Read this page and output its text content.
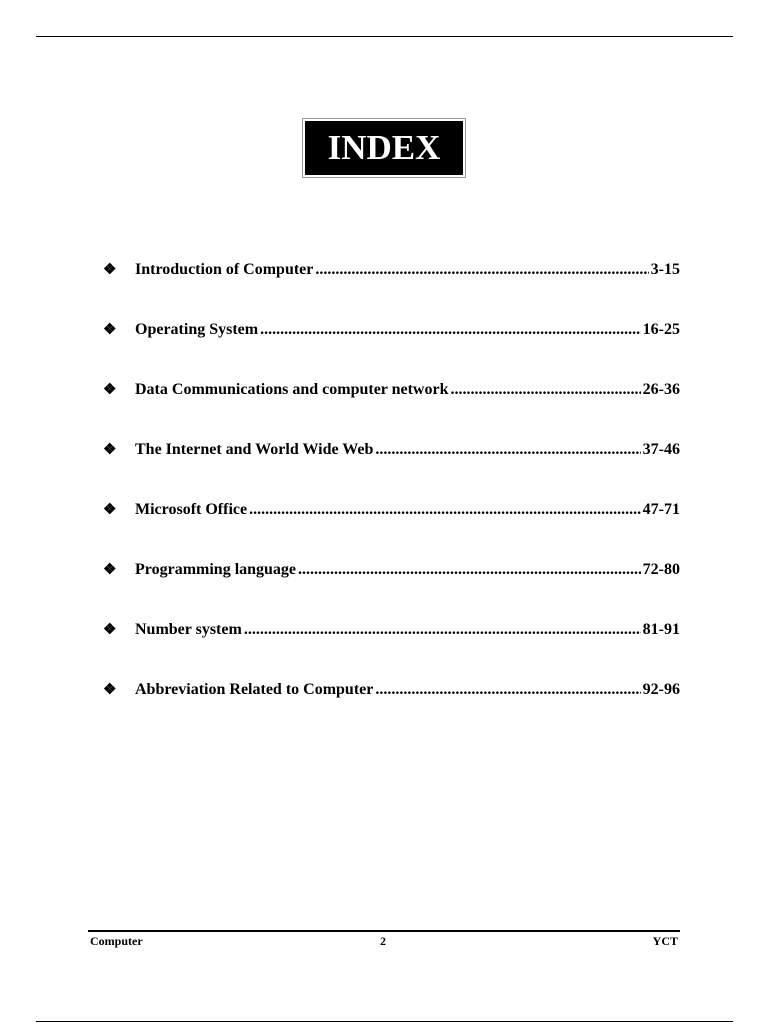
INDEX
❖	Introduction of Computer .....	3-15
❖	Operating System .....	16-25
❖	Data Communications and computer network .....	26-36
❖	The Internet and World Wide Web .....	37-46
❖	Microsoft Office .....	47-71
❖	Programming language .....	72-80
❖	Number system .....	81-91
❖	Abbreviation Related to Computer .....	92-96
Computer	2	YCT
